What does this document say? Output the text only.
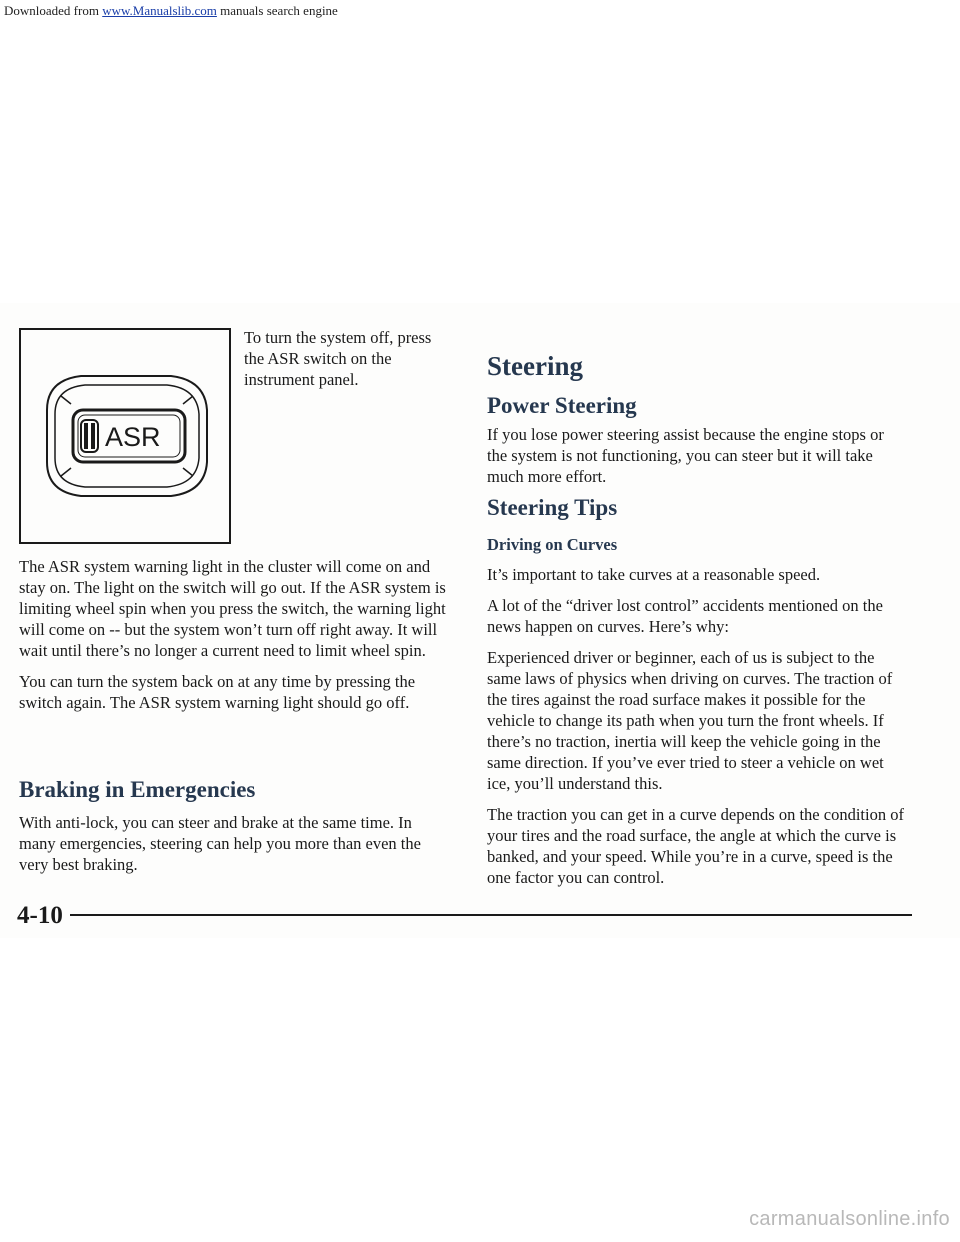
Downloaded from www.Manualslib.com manuals search engine
ASR

To turn the system off, press the ASR switch on the instrument panel.

The ASR system warning light in the cluster will come on and stay on. The light on the switch will go out. If the ASR system is limiting wheel spin when you press the switch, the warning light will come on -- but the system won’t turn off right away. It will wait until there’s no longer a current need to limit wheel spin.

You can turn the system back on at any time by pressing the switch again. The ASR system warning light should go off.

Braking in Emergencies

With anti-lock, you can steer and brake at the same time. In many emergencies, steering can help you more than even the very best braking.

Steering
Power Steering

If you lose power steering assist because the engine stops or the system is not functioning, you can steer but it will take much more effort.

Steering Tips
Driving on Curves

It’s important to take curves at a reasonable speed.

A lot of the “driver lost control” accidents mentioned on the news happen on curves. Here’s why:

Experienced driver or beginner, each of us is subject to the same laws of physics when driving on curves. The traction of the tires against the road surface makes it possible for the vehicle to change its path when you turn the front wheels. If there’s no traction, inertia will keep the vehicle going in the same direction. If you’ve ever tried to steer a vehicle on wet ice, you’ll understand this.

The traction you can get in a curve depends on the condition of your tires and the road surface, the angle at which the curve is banked, and your speed. While you’re in a curve, speed is the one factor you can control.

4-10
carmanualsonline.info
